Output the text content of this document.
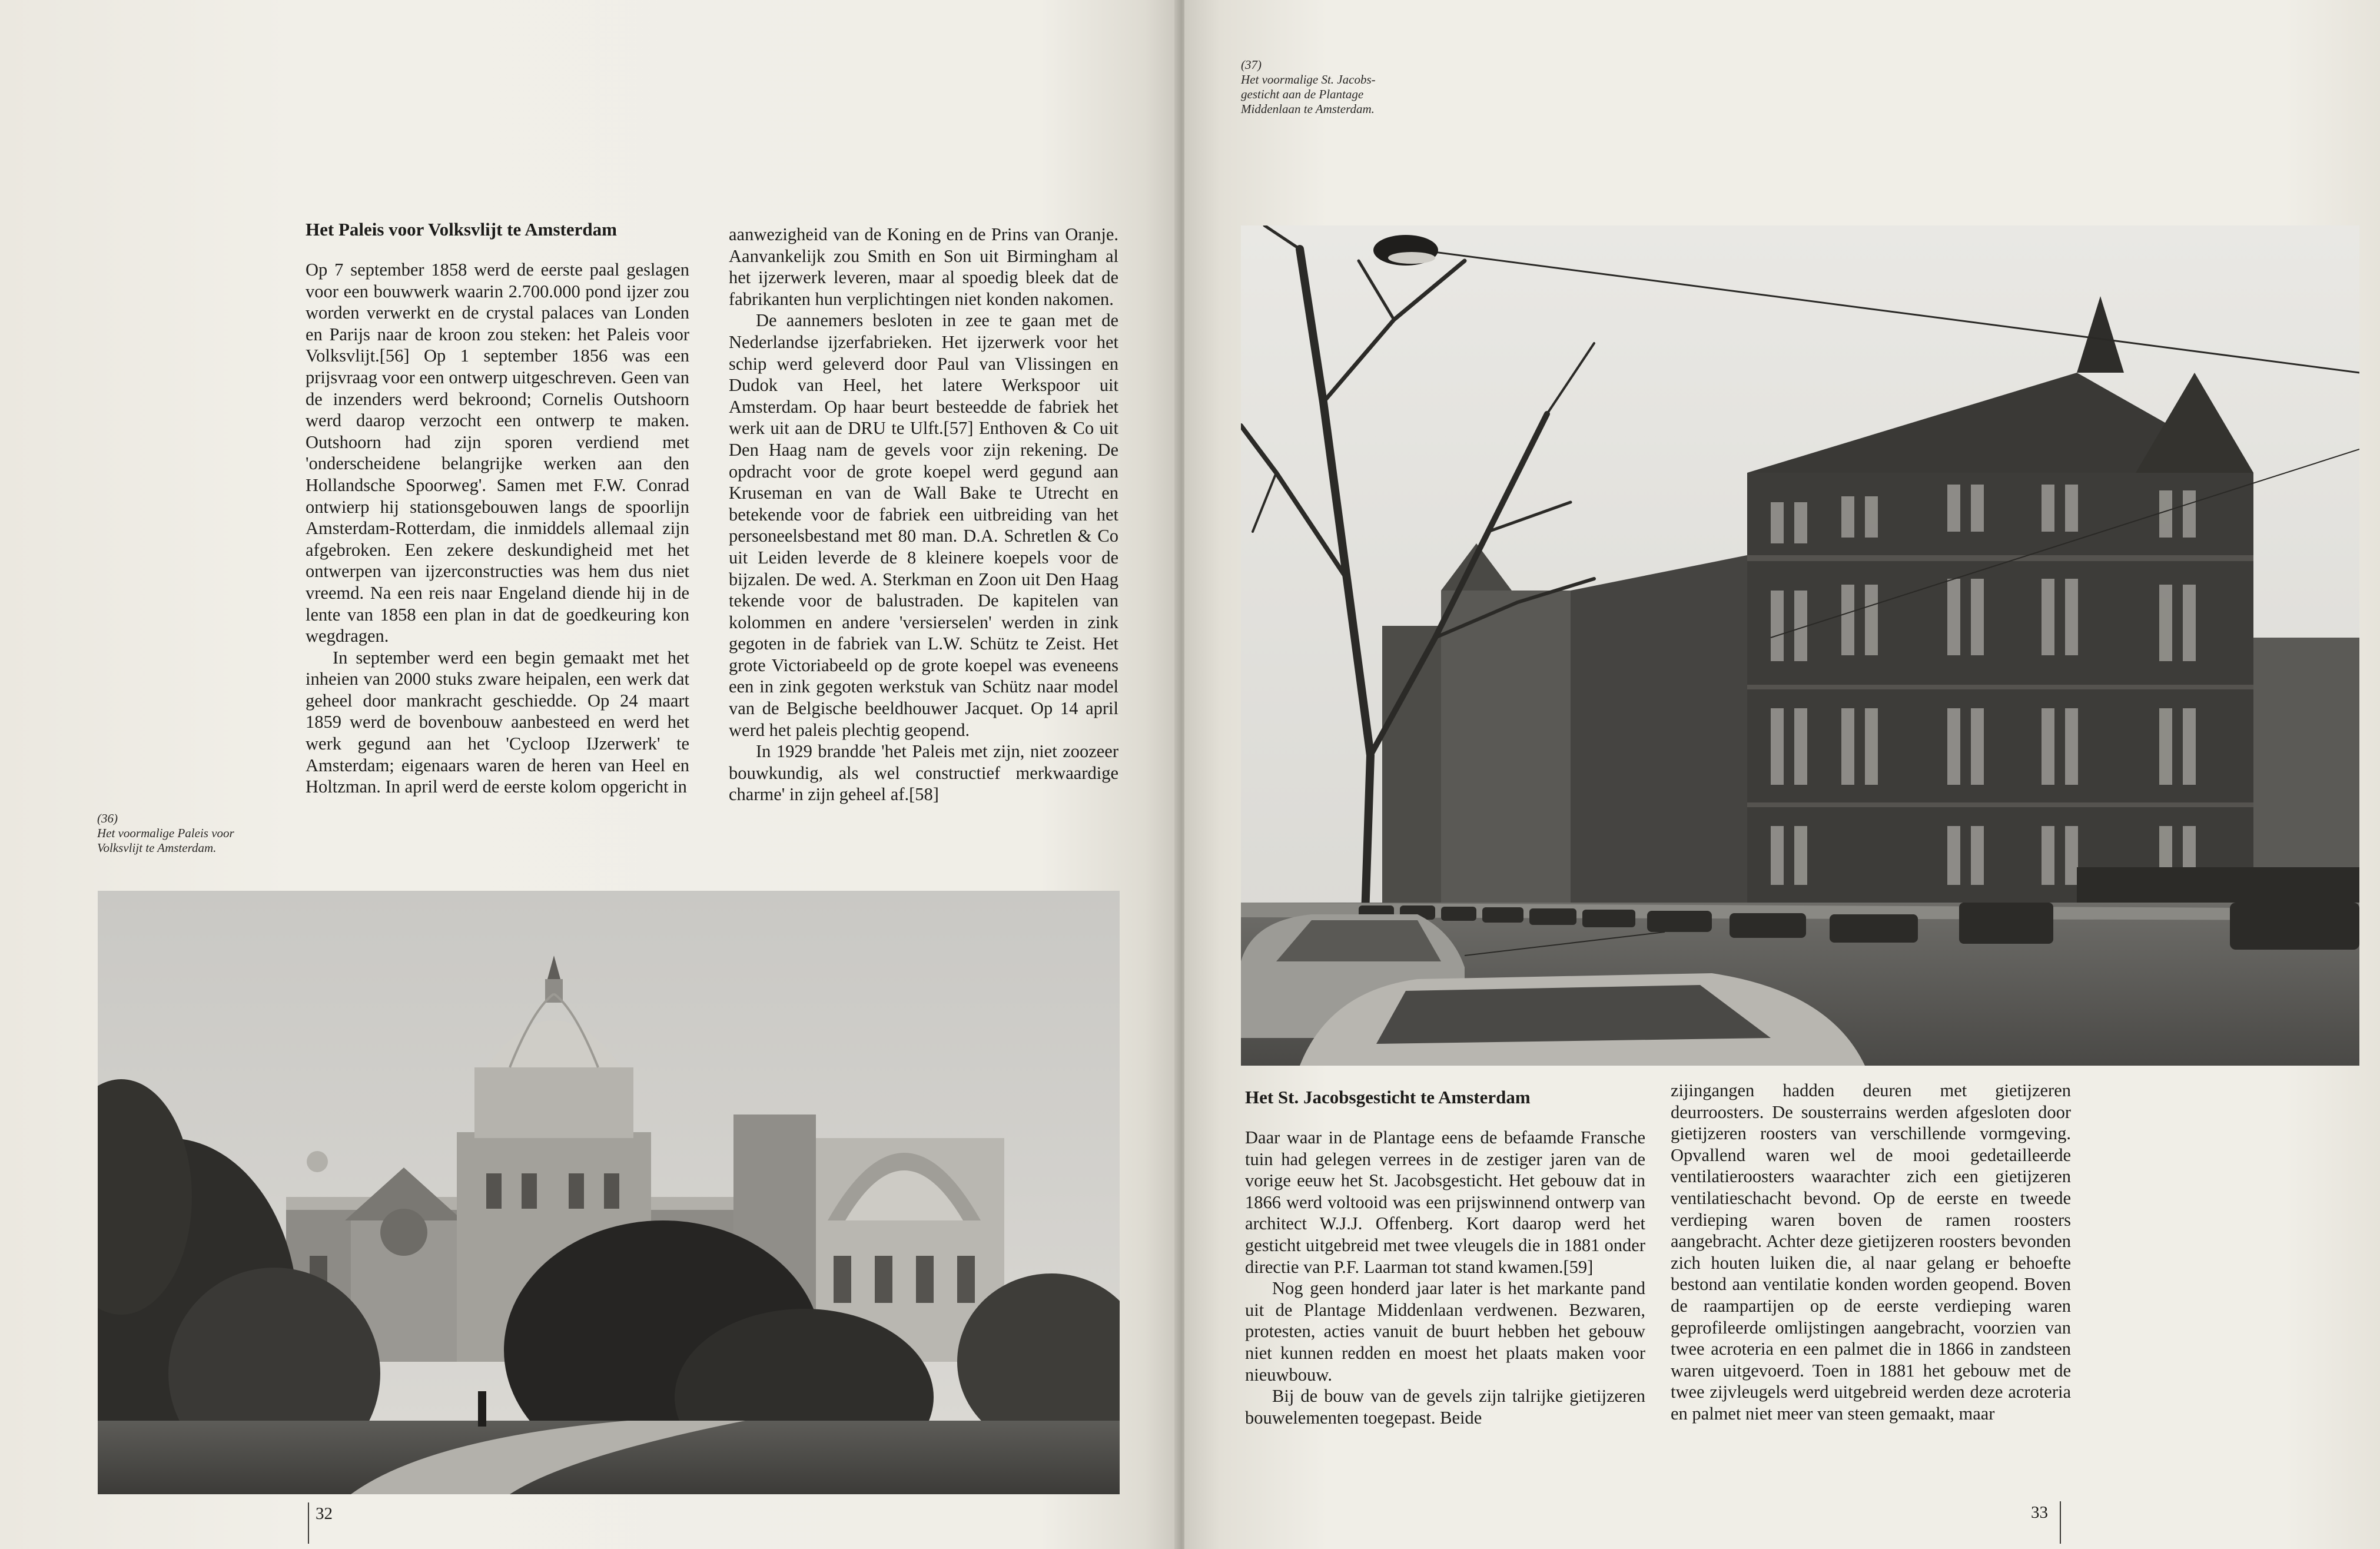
Het Paleis voor Volksvlijt te Amsterdam

Op 7 september 1858 werd de eerste paal geslagen voor een bouwwerk waarin 2.700.000 pond ijzer zou worden verwerkt en de crystal palaces van Londen en Parijs naar de kroon zou steken: het Paleis voor Volksvlijt.[56] Op 1 september 1856 was een prijsvraag voor een ontwerp uitgeschreven. Geen van de inzenders werd bekroond; Cornelis Outshoorn werd daarop verzocht een ontwerp te maken. Outshoorn had zijn sporen verdiend met 'onderscheidene belangrijke werken aan den Hollandsche Spoorweg'. Samen met F.W. Conrad ontwierp hij stationsgebouwen langs de spoorlijn Amsterdam-Rotterdam, die inmiddels allemaal zijn afgebroken. Een zekere deskundigheid met het ontwerpen van ijzerconstructies was hem dus niet vreemd. Na een reis naar Engeland diende hij in de lente van 1858 een plan in dat de goedkeuring kon wegdragen.

In september werd een begin gemaakt met het inheien van 2000 stuks zware heipalen, een werk dat geheel door mankracht geschiedde. Op 24 maart 1859 werd de bovenbouw aanbesteed en werd het werk gegund aan het 'Cycloop IJzerwerk' te Amsterdam; eigenaars waren de heren van Heel en Holtzman. In april werd de eerste kolom opgericht in

aanwezigheid van de Koning en de Prins van Oranje. Aanvankelijk zou Smith en Son uit Birmingham al het ijzerwerk leveren, maar al spoedig bleek dat de fabrikanten hun verplichtingen niet konden nakomen.

De aannemers besloten in zee te gaan met de Nederlandse ijzerfabrieken. Het ijzerwerk voor het schip werd geleverd door Paul van Vlissingen en Dudok van Heel, het latere Werkspoor uit Amsterdam. Op haar beurt besteedde de fabriek het werk uit aan de DRU te Ulft.[57] Enthoven & Co uit Den Haag nam de gevels voor zijn rekening. De opdracht voor de grote koepel werd gegund aan Kruseman en van de Wall Bake te Utrecht en betekende voor de fabriek een uitbreiding van het personeelsbestand met 80 man. D.A. Schretlen & Co uit Leiden leverde de 8 kleinere koepels voor de bijzalen. De wed. A. Sterkman en Zoon uit Den Haag tekende voor de balustraden. De kapitelen van kolommen en andere 'versierselen' werden in zink gegoten in de fabriek van L.W. Schütz te Zeist. Het grote Victoriabeeld op de grote koepel was eveneens een in zink gegoten werkstuk van Schütz naar model van de Belgische beeldhouwer Jacquet. Op 14 april werd het paleis plechtig geopend.

In 1929 brandde 'het Paleis met zijn, niet zoozeer bouwkundig, als wel constructief merkwaardige charme' in zijn geheel af.[58]

(36)
Het voormalige Paleis voor
Volksvlijt te Amsterdam.
32
(37)
Het voormalige St. Jacobs-
gesticht aan de Plantage
Middenlaan te Amsterdam.
Het St. Jacobsgesticht te Amsterdam

Daar waar in de Plantage eens de befaamde Fransche tuin had gelegen verrees in de zestiger jaren van de vorige eeuw het St. Jacobsgesticht. Het gebouw dat in 1866 werd voltooid was een prijswinnend ontwerp van architect W.J.J. Offenberg. Kort daarop werd het gesticht uitgebreid met twee vleugels die in 1881 onder directie van P.F. Laarman tot stand kwamen.[59]

Nog geen honderd jaar later is het markante pand uit de Plantage Middenlaan verdwenen. Bezwaren, protesten, acties vanuit de buurt hebben het gebouw niet kunnen redden en moest het plaats maken voor nieuwbouw.

Bij de bouw van de gevels zijn talrijke gietijzeren bouwelementen toegepast. Beide

zijingangen hadden deuren met gietijzeren deurroosters. De sousterrains werden afgesloten door gietijzeren roosters van verschillende vormgeving. Opvallend waren wel de mooi gedetailleerde ventilatieroosters waarachter zich een gietijzeren ventilatieschacht bevond. Op de eerste en tweede verdieping waren boven de ramen roosters aangebracht. Achter deze gietijzeren roosters bevonden zich houten luiken die, al naar gelang er behoefte bestond aan ventilatie konden worden geopend. Boven de raampartijen op de eerste verdieping waren geprofileerde omlijstingen aangebracht, voorzien van twee acroteria en een palmet die in 1866 in zandsteen waren uitgevoerd. Toen in 1881 het gebouw met de twee zijvleugels werd uitgebreid werden deze acroteria en palmet niet meer van steen gemaakt, maar

33
